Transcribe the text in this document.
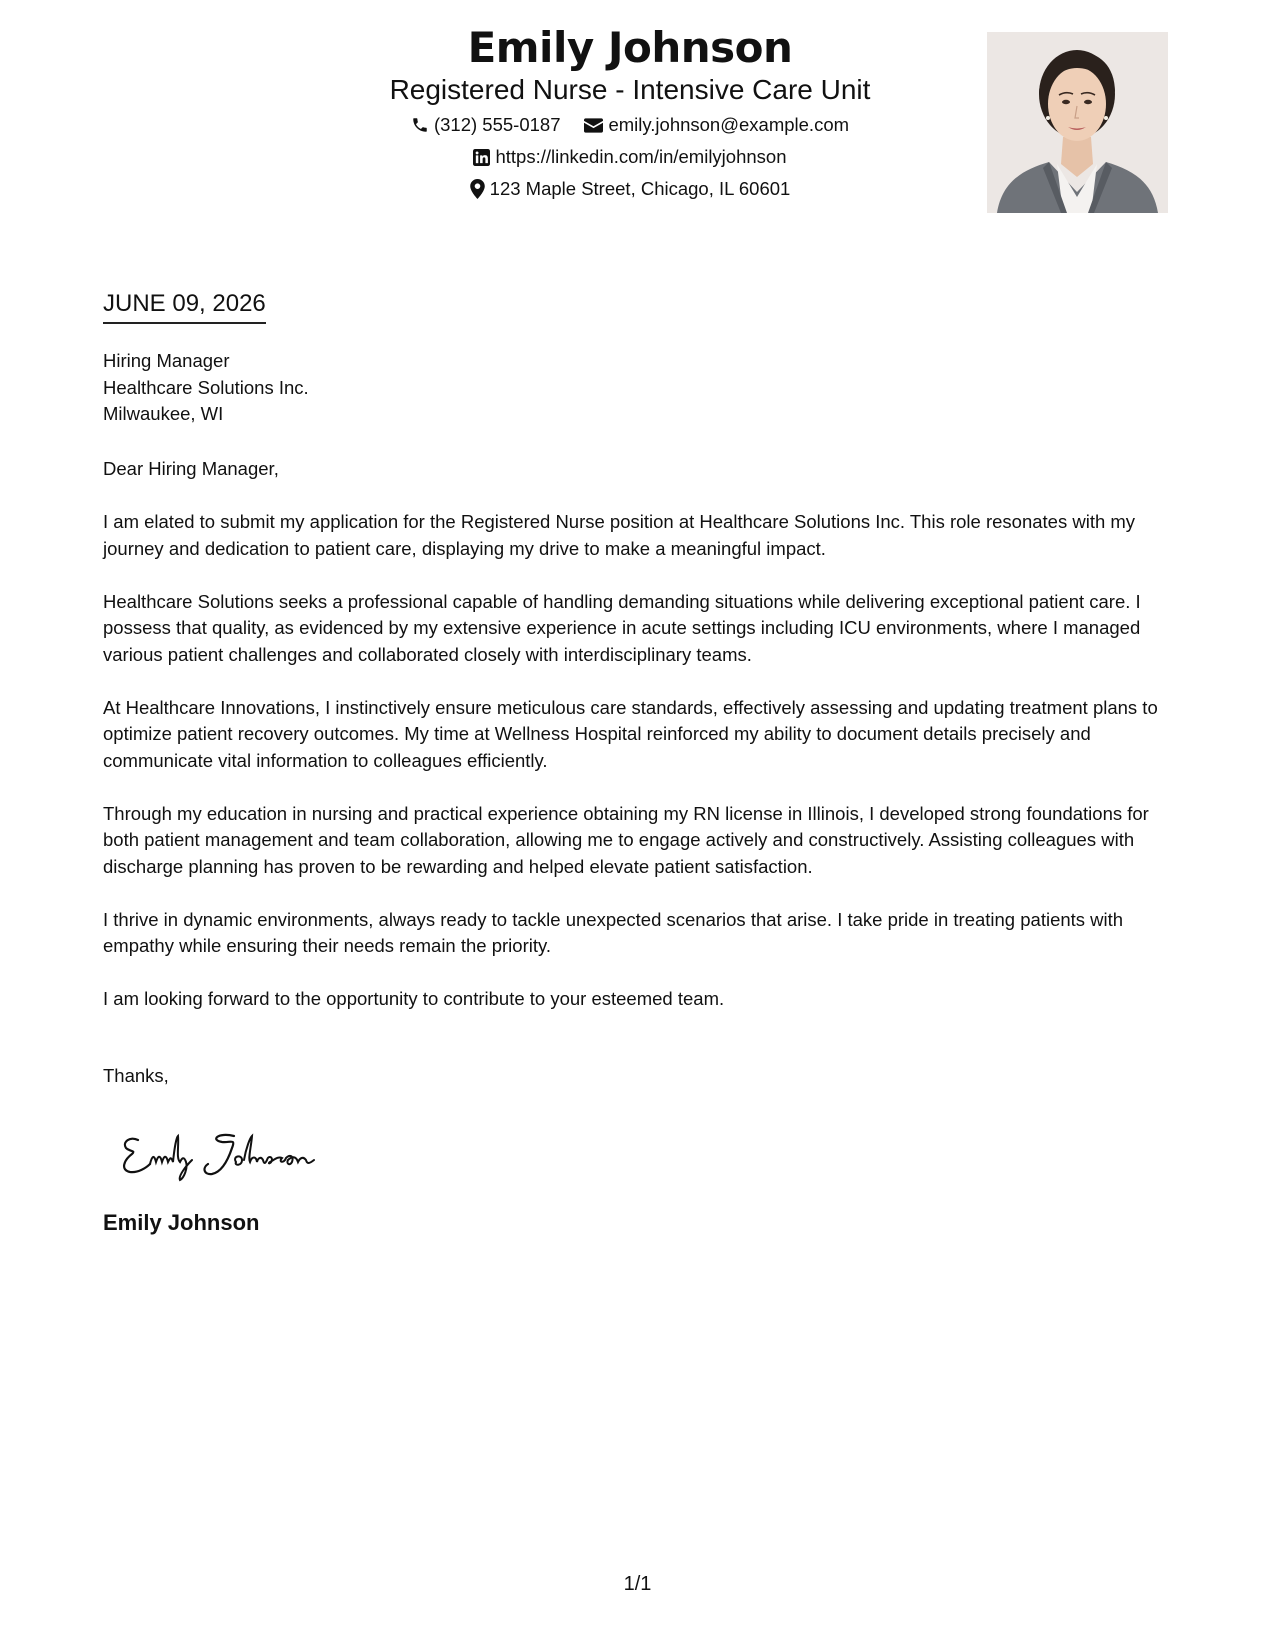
Emily Johnson
Registered Nurse - Intensive Care Unit
(312) 555-0187	emily.johnson@example.com
https://linkedin.com/in/emilyjohnson
123 Maple Street, Chicago, IL 60601
JUNE 09, 2026
Hiring Manager
Healthcare Solutions Inc.
Milwaukee, WI

Dear Hiring Manager,

I am elated to submit my application for the Registered Nurse position at Healthcare Solutions Inc. This role resonates with my journey and dedication to patient care, displaying my drive to make a meaningful impact.

Healthcare Solutions seeks a professional capable of handling demanding situations while delivering exceptional patient care. I possess that quality, as evidenced by my extensive experience in acute settings including ICU environments, where I managed various patient challenges and collaborated closely with interdisciplinary teams.

At Healthcare Innovations, I instinctively ensure meticulous care standards, effectively assessing and updating treatment plans to optimize patient recovery outcomes. My time at Wellness Hospital reinforced my ability to document details precisely and communicate vital information to colleagues efficiently.

Through my education in nursing and practical experience obtaining my RN license in Illinois, I developed strong foundations for both patient management and team collaboration, allowing me to engage actively and constructively. Assisting colleagues with discharge planning has proven to be rewarding and helped elevate patient satisfaction.

I thrive in dynamic environments, always ready to tackle unexpected scenarios that arise. I take pride in treating patients with empathy while ensuring their needs remain the priority.

I am looking forward to the opportunity to contribute to your esteemed team.

Thanks,
Emily Johnson
1/1
